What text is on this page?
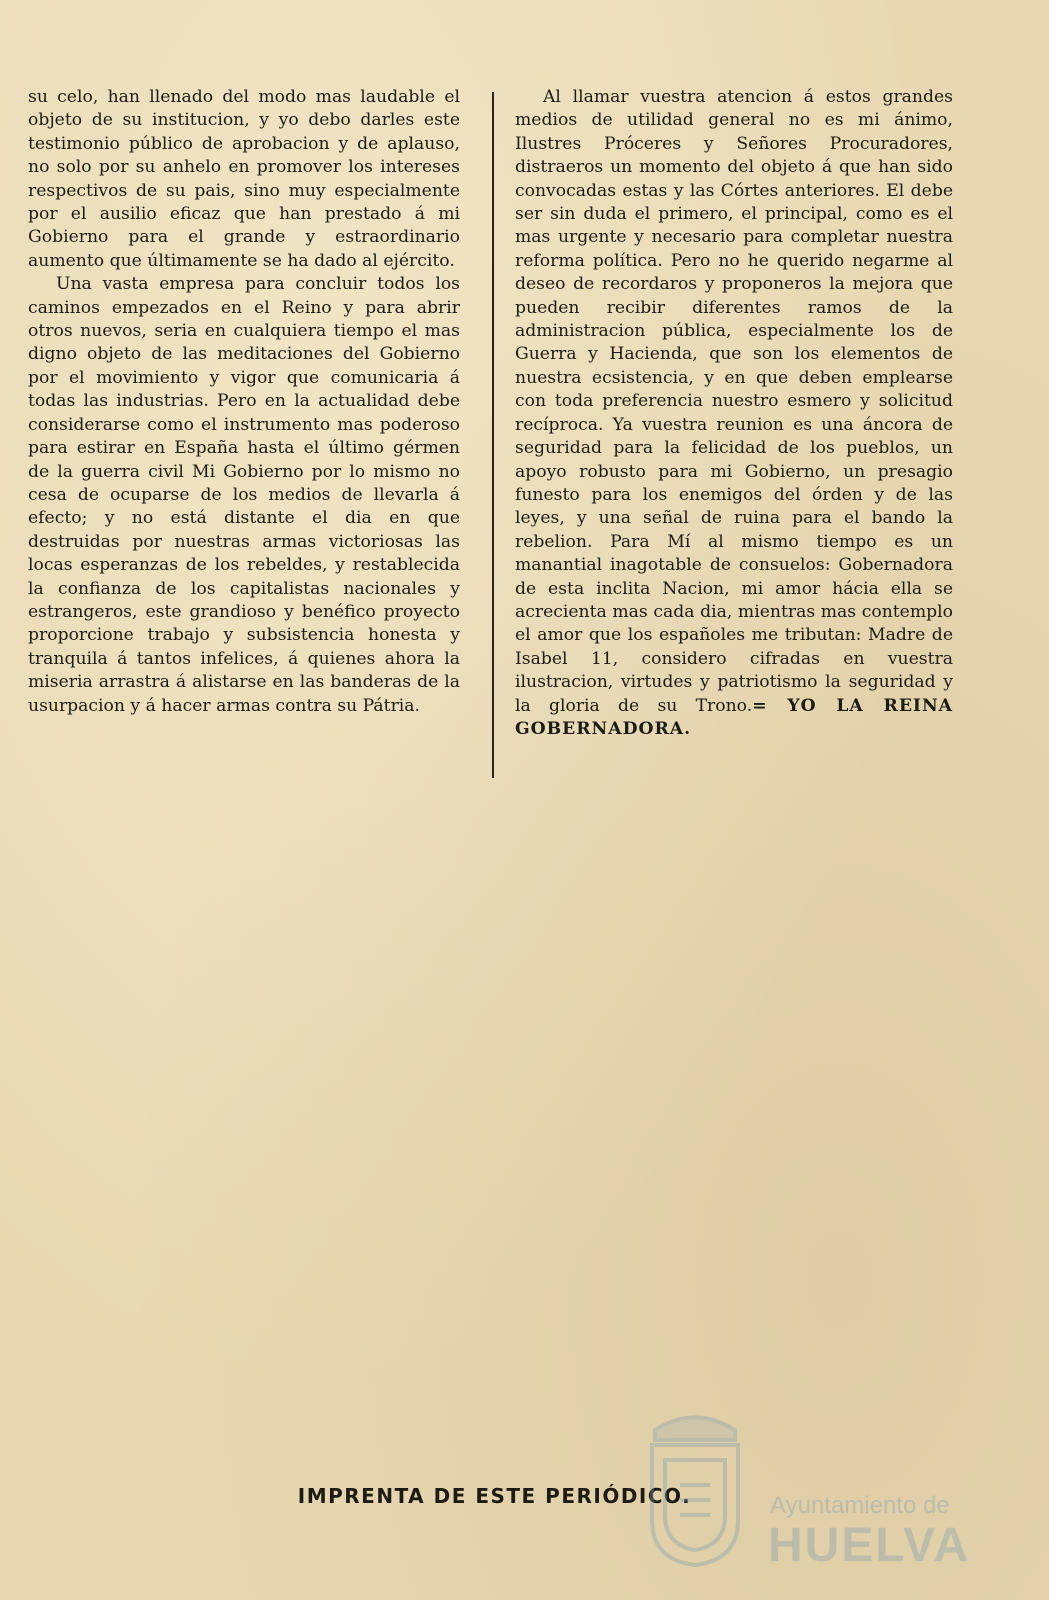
su celo, han llenado del modo mas laudable el objeto de su institucion, y yo debo darles este testimonio público de aprobacion y de aplauso, no solo por su anhelo en promover los intereses respectivos de su pais, sino muy especialmente por el ausilio eficaz que han prestado á mi Gobierno para el grande y estraordinario aumento que últimamente se ha dado al ejército.

Una vasta empresa para concluir todos los caminos empezados en el Reino y para abrir otros nuevos, seria en cualquiera tiempo el mas digno objeto de las meditaciones del Gobierno por el movimiento y vigor que comunicaria á todas las industrias. Pero en la actualidad debe considerarse como el instrumento mas poderoso para estirar en España hasta el último gérmen de la guerra civil Mi Gobierno por lo mismo no cesa de ocuparse de los medios de llevarla á efecto; y no está distante el dia en que destruidas por nuestras armas victoriosas las locas esperanzas de los rebeldes, y restablecida la confianza de los capitalistas nacionales y estrangeros, este grandioso y benéfico proyecto proporcione trabajo y subsistencia honesta y tranquila á tantos infelices, á quienes ahora la miseria arrastra á alistarse en las banderas de la usurpacion y á hacer armas contra su Pátria.

Al llamar vuestra atencion á estos grandes medios de utilidad general no es mi ánimo, Ilustres Próceres y Señores Procuradores, distraeros un momento del objeto á que han sido convocadas estas y las Córtes anteriores. El debe ser sin duda el primero, el principal, como es el mas urgente y necesario para completar nuestra reforma política. Pero no he querido negarme al deseo de recordaros y proponeros la mejora que pueden recibir diferentes ramos de la administracion pública, especialmente los de Guerra y Hacienda, que son los elementos de nuestra ecsistencia, y en que deben emplearse con toda preferencia nuestro esmero y solicitud recíproca. Ya vuestra reunion es una áncora de seguridad para la felicidad de los pueblos, un apoyo robusto para mi Gobierno, un presagio funesto para los enemigos del órden y de las leyes, y una señal de ruina para el bando la rebelion. Para Mí al mismo tiempo es un manantial inagotable de consuelos: Gobernadora de esta inclita Nacion, mi amor hácia ella se acrecienta mas cada dia, mientras mas contemplo el amor que los españoles me tributan: Madre de Isabel 11, considero cifradas en vuestra ilustracion, virtudes y patriotismo la seguridad y la gloria de su Trono.= YO LA REINA GOBERNADORA.

IMPRENTA DE ESTE PERIÓDICO.	Ayuntamiento de
HUELVA
